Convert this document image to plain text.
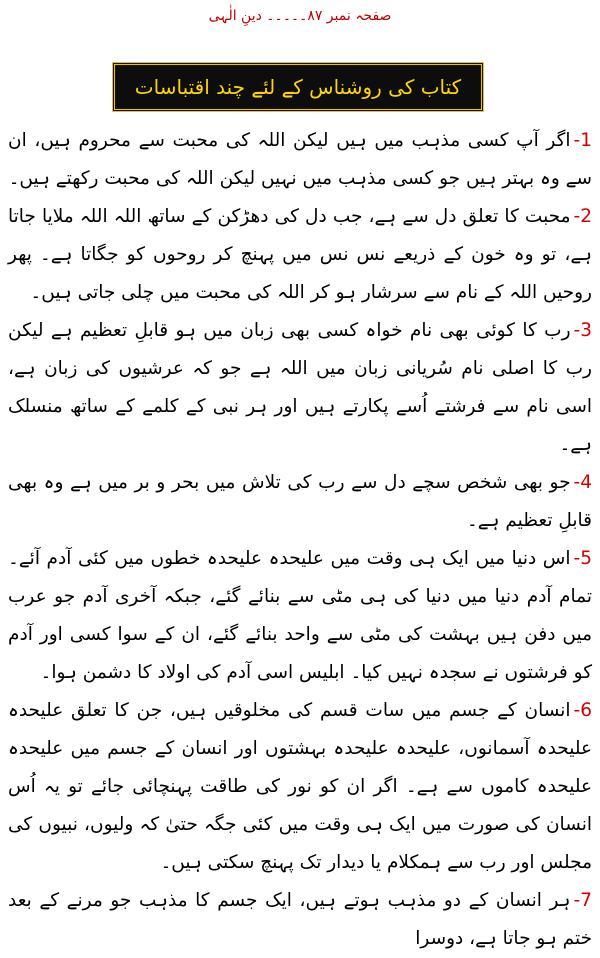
صفحہ نمبر ۸۷۔۔۔۔۔ دینِ الٰہی
کتاب کی روشناس کے لئے چند اقتباسات

1-اگر آپ کسی مذہب میں ہیں لیکن اللہ کی محبت سے محروم ہیں، ان سے وہ بہتر ہیں جو کسی مذہب میں نہیں لیکن اللہ کی محبت رکھتے ہیں۔

2-محبت کا تعلق دل سے ہے، جب دل کی دھڑکن کے ساتھ اللہ اللہ ملایا جاتا ہے، تو وہ خون کے ذریعے نس نس میں پہنچ کر روحوں کو جگاتا ہے۔ پھر روحیں اللہ کے نام سے سرشار ہو کر اللہ کی محبت میں چلی جاتی ہیں۔

3-رب کا کوئی بھی نام خواہ کسی بھی زبان میں ہو قابلِ تعظیم ہے لیکن رب کا اصلی نام سُریانی زبان میں اللہ ہے جو کہ عرشیوں کی زبان ہے، اسی نام سے فرشتے اُسے پکارتے ہیں اور ہر نبی کے کلمے کے ساتھ منسلک ہے۔

4-جو بھی شخص سچے دل سے رب کی تلاش میں بحر و بر میں ہے وہ بھی قابلِ تعظیم ہے۔

5-اس دنیا میں ایک ہی وقت میں علیحدہ علیحدہ خطوں میں کئی آدم آئے۔ تمام آدم دنیا میں دنیا کی ہی مٹی سے بنائے گئے، جبکہ آخری آدم جو عرب میں دفن ہیں بہشت کی مٹی سے واحد بنائے گئے، ان کے سوا کسی اور آدم کو فرشتوں نے سجدہ نہیں کیا۔ ابلیس اسی آدم کی اولاد کا دشمن ہوا۔

6-انسان کے جسم میں سات قسم کی مخلوقیں ہیں، جن کا تعلق علیحدہ علیحدہ آسمانوں، علیحدہ علیحدہ بہشتوں اور انسان کے جسم میں علیحدہ علیحدہ کاموں سے ہے۔ اگر ان کو نور کی طاقت پہنچائی جائے تو یہ اُس انسان کی صورت میں ایک ہی وقت میں کئی جگہ حتیٰ کہ ولیوں، نبیوں کی مجلس اور رب سے ہمکلام یا دیدار تک پہنچ سکتی ہیں۔

7-ہر انسان کے دو مذہب ہوتے ہیں، ایک جسم کا مذہب جو مرنے کے بعد ختم ہو جاتا ہے، دوسرا
